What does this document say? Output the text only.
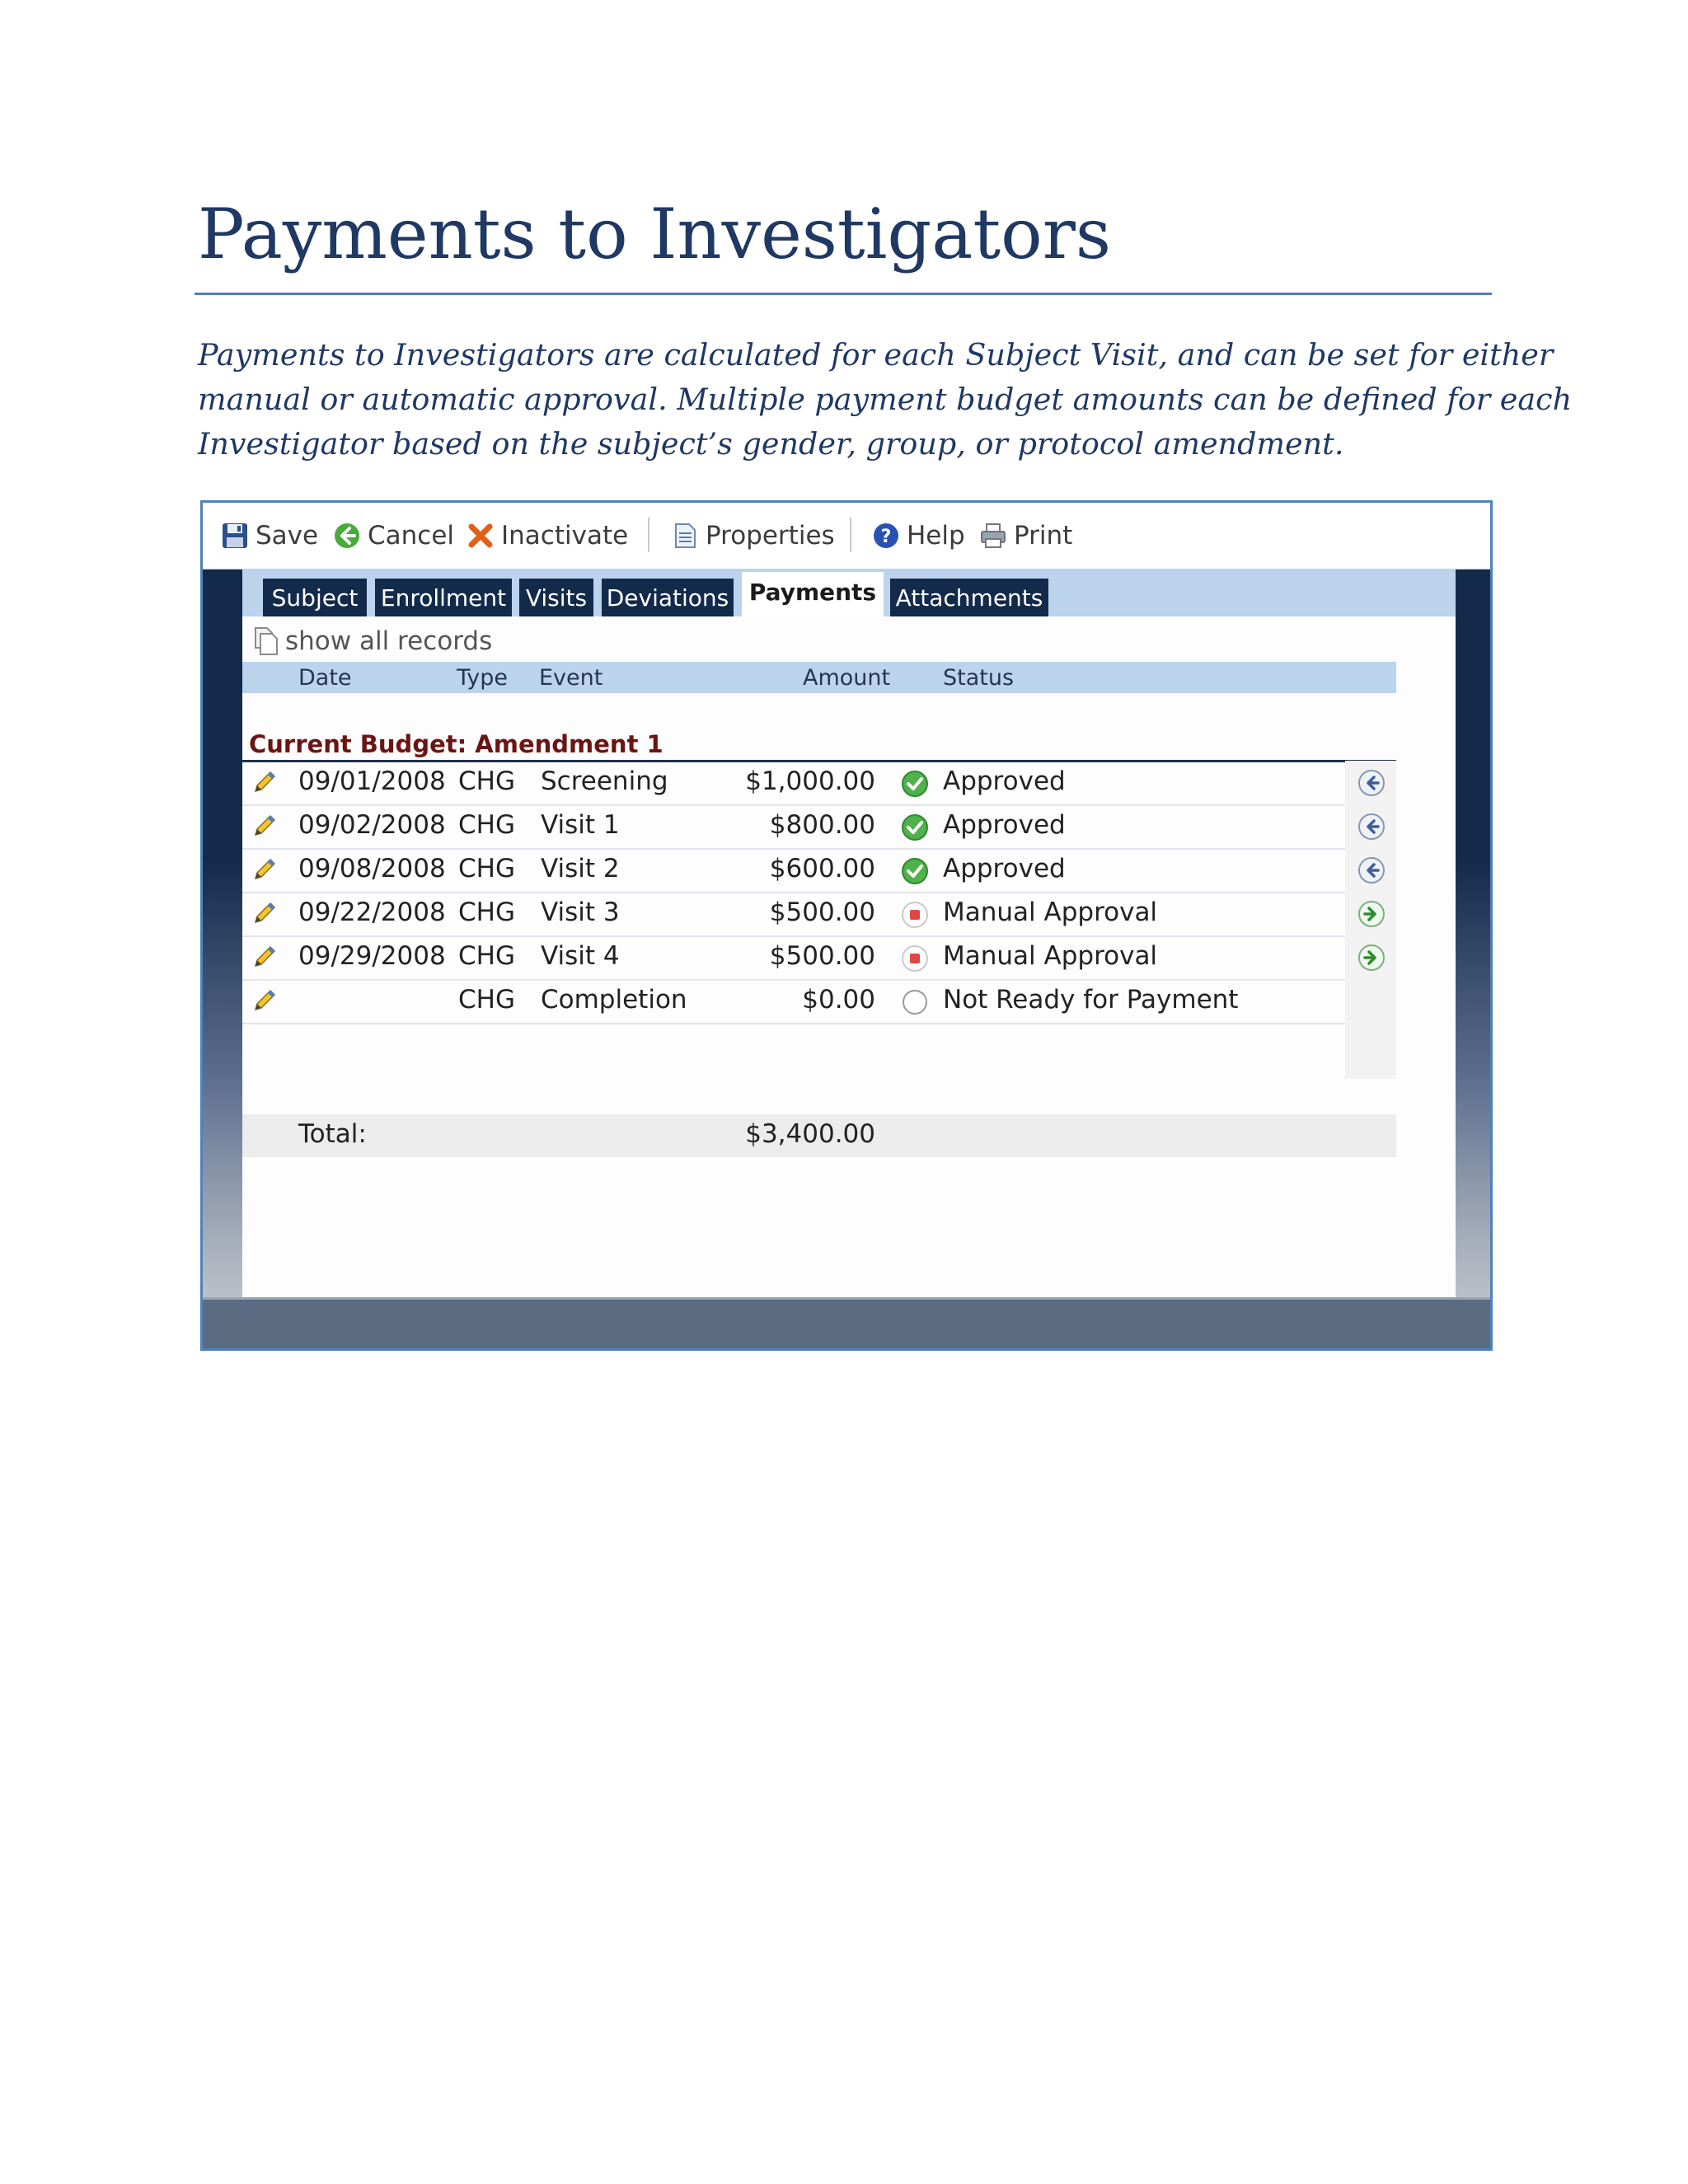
Payments to Investigators
Payments to Investigators are calculated for each Subject Visit, and can be set for either
manual or automatic approval. Multiple payment budget amounts can be defined for each
Investigator based on the subject’s gender, group, or protocol amendment.
Save Cancel Inactivate	Properties	? Help Print
Subject Enrollment Visits Deviations Payments Attachments
show all records
Date	Type Event	Amount Status
Current Budget: Amendment 1
09/01/2008 CHG Screening	$1,000.00	Approved
09/02/2008 CHG Visit 1	$800.00	Approved
09/08/2008 CHG Visit 2	$600.00	Approved
09/22/2008 CHG Visit 3	$500.00	Manual Approval
09/29/2008 CHG Visit 4	$500.00	Manual Approval
CHG Completion	$0.00	Not Ready for Payment
Total:	$3,400.00
